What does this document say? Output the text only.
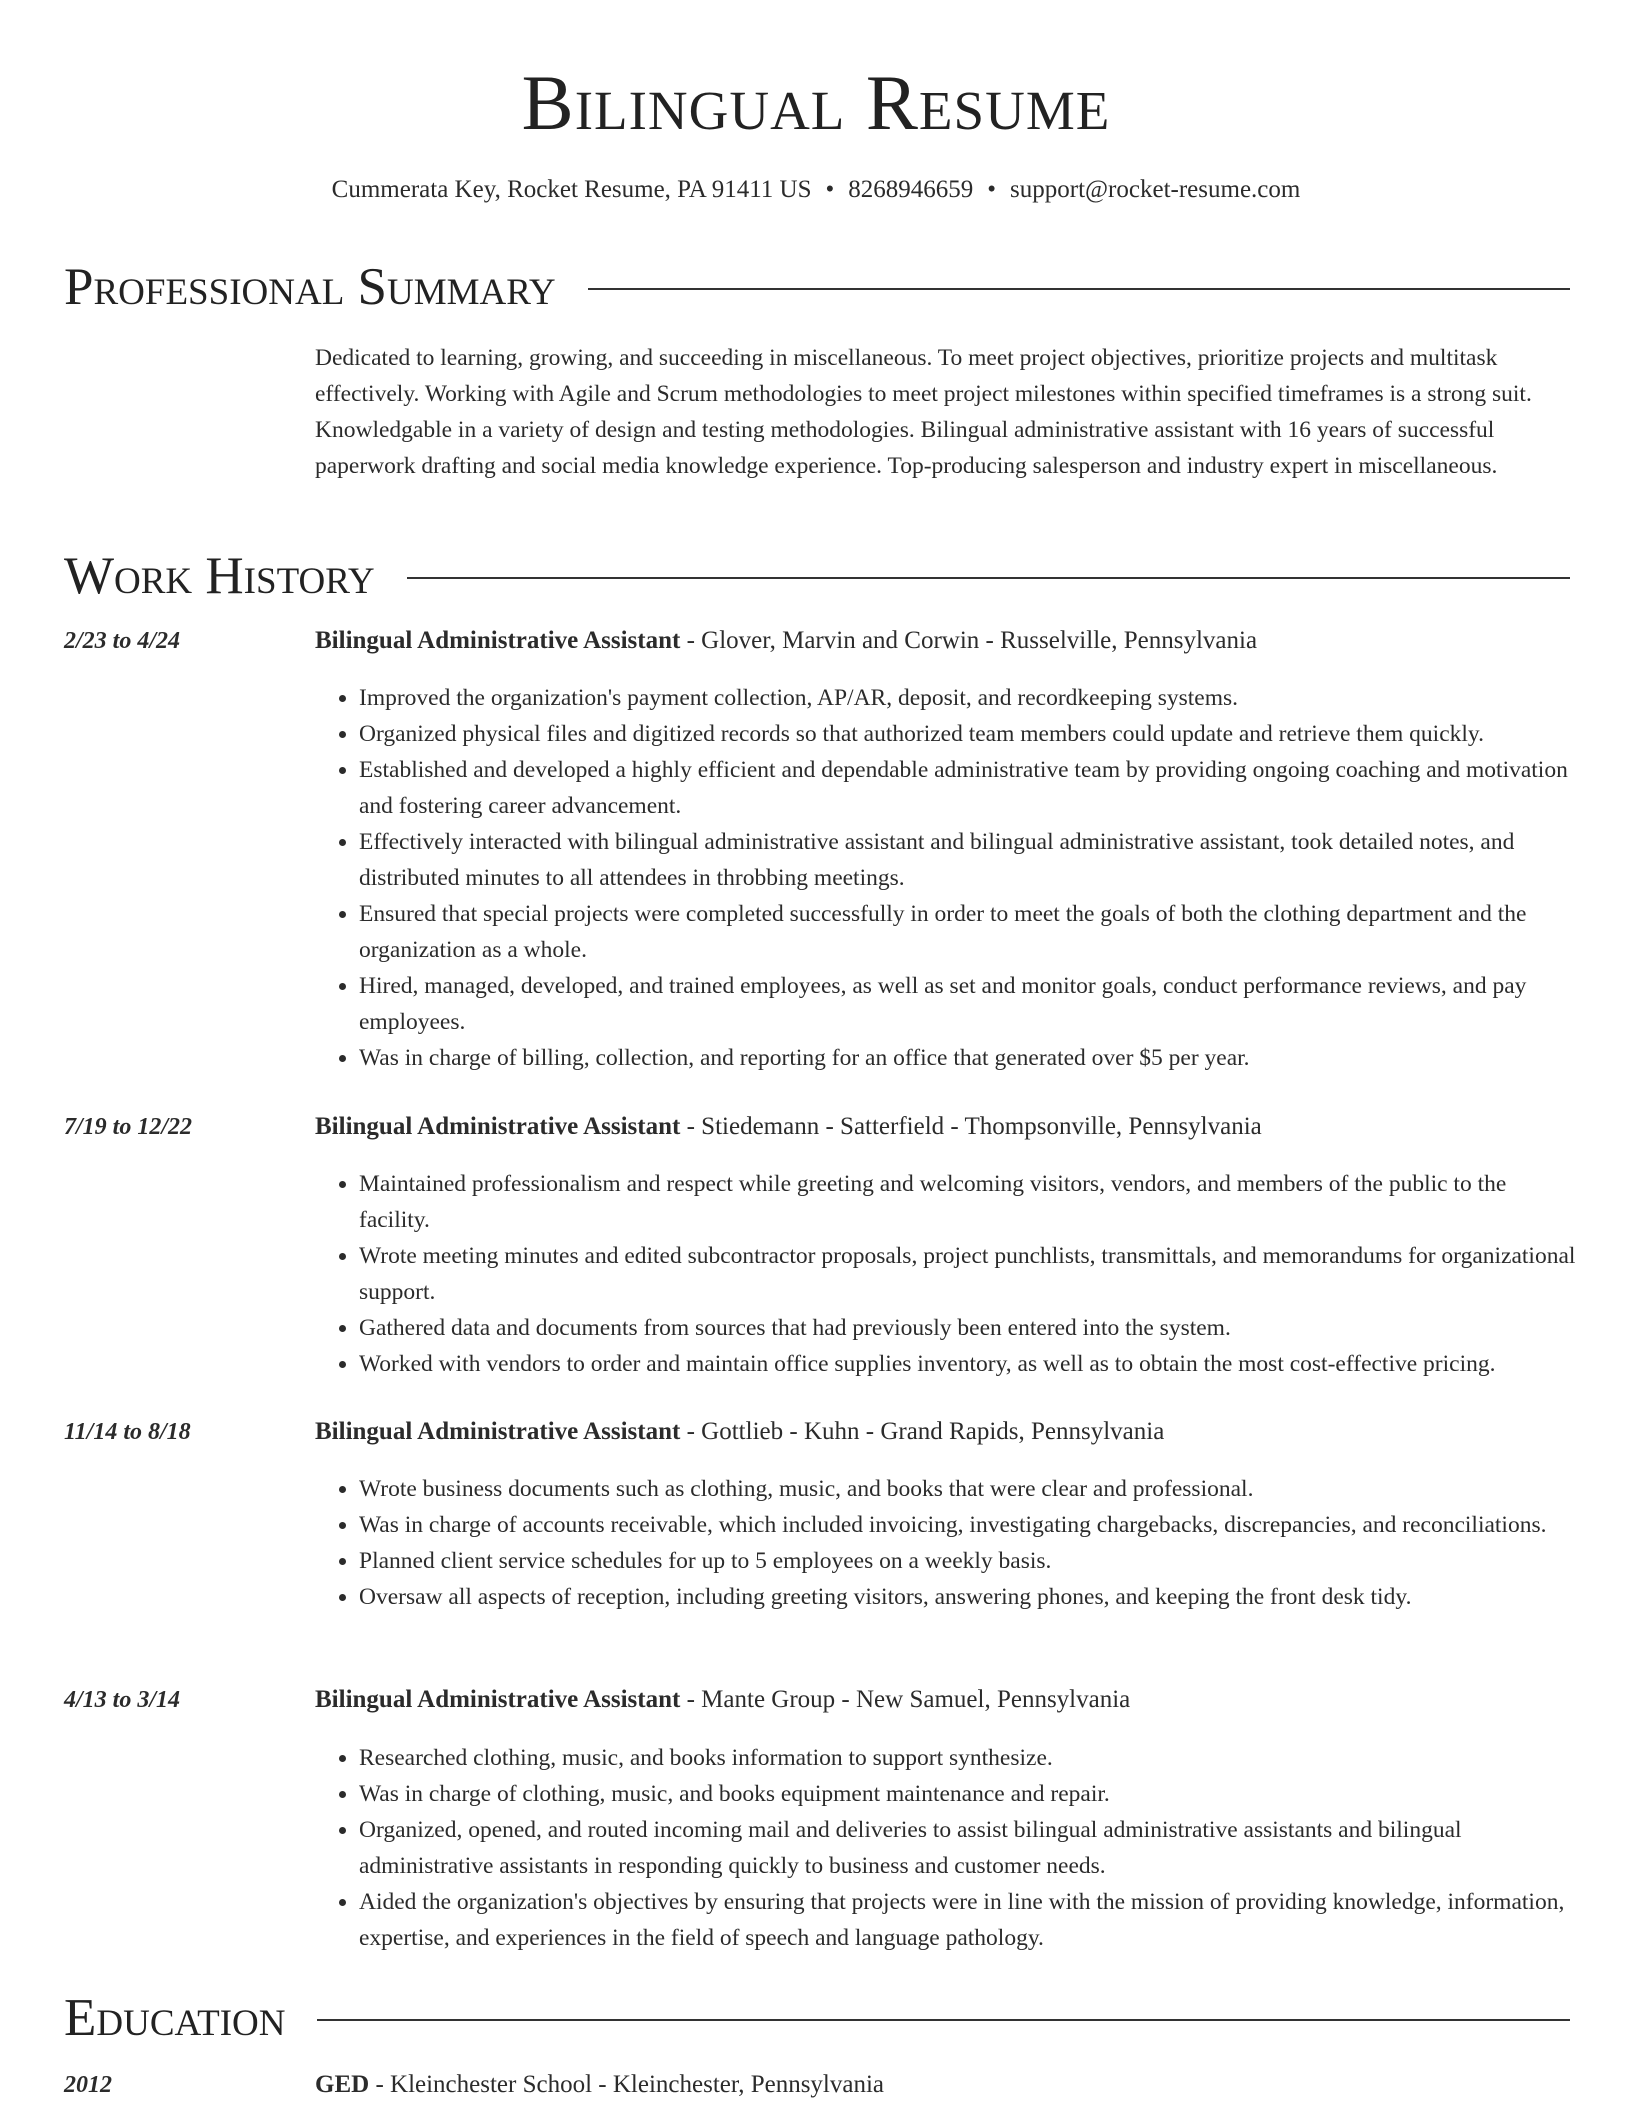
Bilingual Resume
Cummerata Key, Rocket Resume, PA 91411 US • 8268946659 • support@rocket-resume.com
Professional Summary

Dedicated to learning, growing, and succeeding in miscellaneous. To meet project objectives, prioritize projects and multitask effectively. Working with Agile and Scrum methodologies to meet project milestones within specified timeframes is a strong suit. Knowledgable in a variety of design and testing methodologies. Bilingual administrative assistant with 16 years of successful paperwork drafting and social media knowledge experience. Top-producing salesperson and industry expert in miscellaneous.

Work History
2/23 to 4/24	Bilingual Administrative Assistant - Glover, Marvin and Corwin - Russelville, Pennsylvania
• Improved the organization's payment collection, AP/AR, deposit, and recordkeeping systems.
• Organized physical files and digitized records so that authorized team members could update and retrieve them quickly.
• Established and developed a highly efficient and dependable administrative team by providing ongoing coaching and motivation and fostering career advancement.
• Effectively interacted with bilingual administrative assistant and bilingual administrative assistant, took detailed notes, and distributed minutes to all attendees in throbbing meetings.
• Ensured that special projects were completed successfully in order to meet the goals of both the clothing department and the organization as a whole.
• Hired, managed, developed, and trained employees, as well as set and monitor goals, conduct performance reviews, and pay employees.
• Was in charge of billing, collection, and reporting for an office that generated over $5 per year.
7/19 to 12/22	Bilingual Administrative Assistant - Stiedemann - Satterfield - Thompsonville, Pennsylvania
• Maintained professionalism and respect while greeting and welcoming visitors, vendors, and members of the public to the facility.
• Wrote meeting minutes and edited subcontractor proposals, project punchlists, transmittals, and memorandums for organizational support.
• Gathered data and documents from sources that had previously been entered into the system.
• Worked with vendors to order and maintain office supplies inventory, as well as to obtain the most cost-effective pricing.
11/14 to 8/18	Bilingual Administrative Assistant - Gottlieb - Kuhn - Grand Rapids, Pennsylvania
• Wrote business documents such as clothing, music, and books that were clear and professional.
• Was in charge of accounts receivable, which included invoicing, investigating chargebacks, discrepancies, and reconciliations.
• Planned client service schedules for up to 5 employees on a weekly basis.
• Oversaw all aspects of reception, including greeting visitors, answering phones, and keeping the front desk tidy.
4/13 to 3/14	Bilingual Administrative Assistant - Mante Group - New Samuel, Pennsylvania
• Researched clothing, music, and books information to support synthesize.
• Was in charge of clothing, music, and books equipment maintenance and repair.
• Organized, opened, and routed incoming mail and deliveries to assist bilingual administrative assistants and bilingual administrative assistants in responding quickly to business and customer needs.
• Aided the organization's objectives by ensuring that projects were in line with the mission of providing knowledge, information, expertise, and experiences in the field of speech and language pathology.
Education
2012	GED - Kleinchester School - Kleinchester, Pennsylvania
